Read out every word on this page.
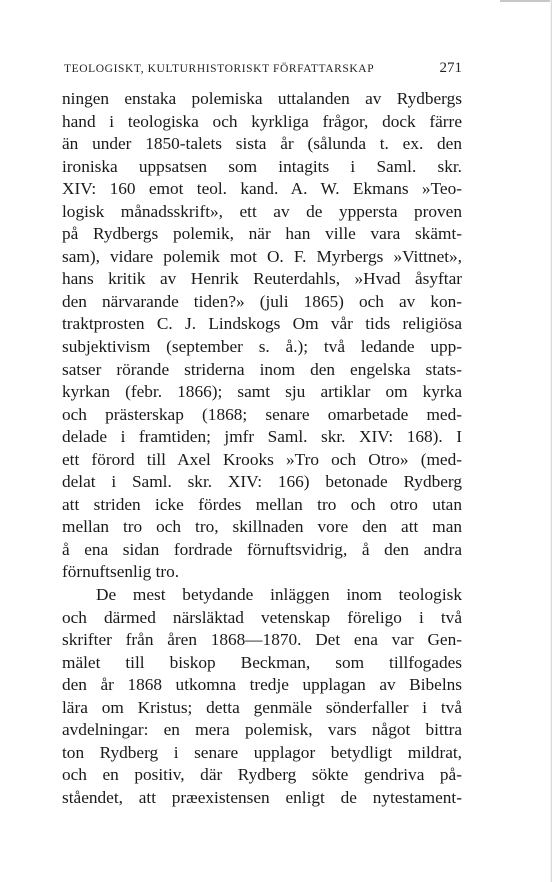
TEOLOGISKT, KULTURHISTORISKT FÖRFATTARSKAP	271
ningen enstaka polemiska uttalanden av Rydbergs
hand i teologiska och kyrkliga frågor, dock färre
än under 1850-talets sista år (sålunda t. ex. den
ironiska uppsatsen som intagits i Saml. skr.
XIV: 160 emot teol. kand. A. W. Ekmans »Teo-
logisk månadsskrift», ett av de yppersta proven
på Rydbergs polemik, när han ville vara skämt-
sam), vidare polemik mot O. F. Myrbergs »Vittnet»,
hans kritik av Henrik Reuterdahls, »Hvad åsyftar
den närvarande tiden?» (juli 1865) och av kon-
traktprosten C. J. Lindskogs Om vår tids religiösa
subjektivism (september s. å.); två ledande upp-
satser rörande striderna inom den engelska stats-
kyrkan (febr. 1866); samt sju artiklar om kyrka
och prästerskap (1868; senare omarbetade med-
delade i framtiden; jmfr Saml. skr. XIV: 168). I
ett förord till Axel Krooks »Tro och Otro» (med-
delat i Saml. skr. XIV: 166) betonade Rydberg
att striden icke fördes mellan tro och otro utan
mellan tro och tro, skillnaden vore den att man
å ena sidan fordrade förnuftsvidrig, å den andra
förnuftsenlig tro.
De mest betydande inläggen inom teologisk
och därmed närsläktad vetenskap föreligo i två
skrifter från åren 1868—1870. Det ena var Gen-
mälet till biskop Beckman, som tillfogades
den år 1868 utkomna tredje upplagan av Bibelns
lära om Kristus; detta genmäle sönderfaller i två
avdelningar: en mera polemisk, vars något bittra
ton Rydberg i senare upplagor betydligt mildrat,
och en positiv, där Rydberg sökte gendriva på-
ståendet, att præexistensen enligt de nytestament-
